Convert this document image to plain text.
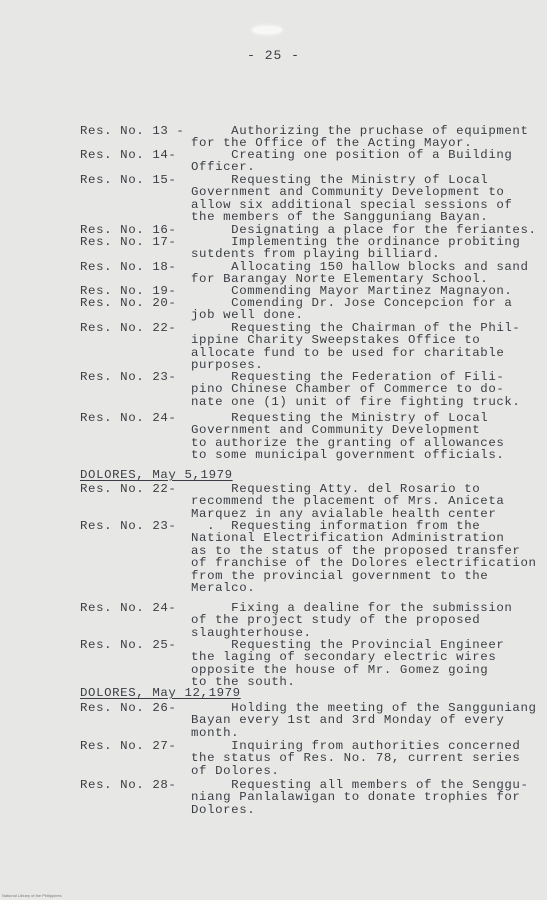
- 25 -
Res. No. 13 - Authorizing the pruchase of equipment
for the Office of the Acting Mayor.
Res. No. 14- Creating one position of a Building
Officer.
Res. No. 15- Requesting the Ministry of Local
Government and Community Development to
allow six additional special sessions of
the members of the Sangguniang Bayan.
Res. No. 16- Designating a place for the feriantes.
Res. No. 17- Implementing the ordinance probiting
sutdents from playing billiard.
Res. No. 18- Allocating 150 hallow blocks and sand
for Barangay Norte Elementary School.
Res. No. 19- Commending Mayor Martinez Magnayon.
Res. No. 20- Comending Dr. Jose Concepcion for a
job well done.
Res. No. 22- Requesting the Chairman of the Phil-
ippine Charity Sweepstakes Office to
allocate fund to be used for charitable
purposes.
Res. No. 23- Requesting the Federation of Fili-
pino Chinese Chamber of Commerce to do-
nate one (1) unit of fire fighting truck.
Res. No. 24- Requesting the Ministry of Local
Government and Community Development
to authorize the granting of allowances
to some municipal government officials.
DOLORES, May 5,1979
Res. No. 22- Requesting Atty. del Rosario to
recommend the placement of Mrs. Aniceta
Marquez in any avialable health center
Res. No. 23- .  Requesting information from the
National Electrification Administration
as to the status of the proposed transfer
of franchise of the Dolores electrification
from the provincial government to the
Meralco.
Res. No. 24- Fixing a dealine for the submission
of the project study of the proposed
slaughterhouse.
Res. No. 25- Requesting the Provincial Engineer
the laging of secondary electric wires
opposite the house of Mr. Gomez going
to the south.
DOLORES, May 12,1979
Res. No. 26- Holding the meeting of the Sangguniang
Bayan every 1st and 3rd Monday of every
month.
Res. No. 27- Inquiring from authorities concerned
the status of Res. No. 78, current series
of Dolores.
Res. No. 28- Requesting all members of the Senggu-
niang Panlalawigan to donate trophies for
Dolores.
National Library of the Philippines
